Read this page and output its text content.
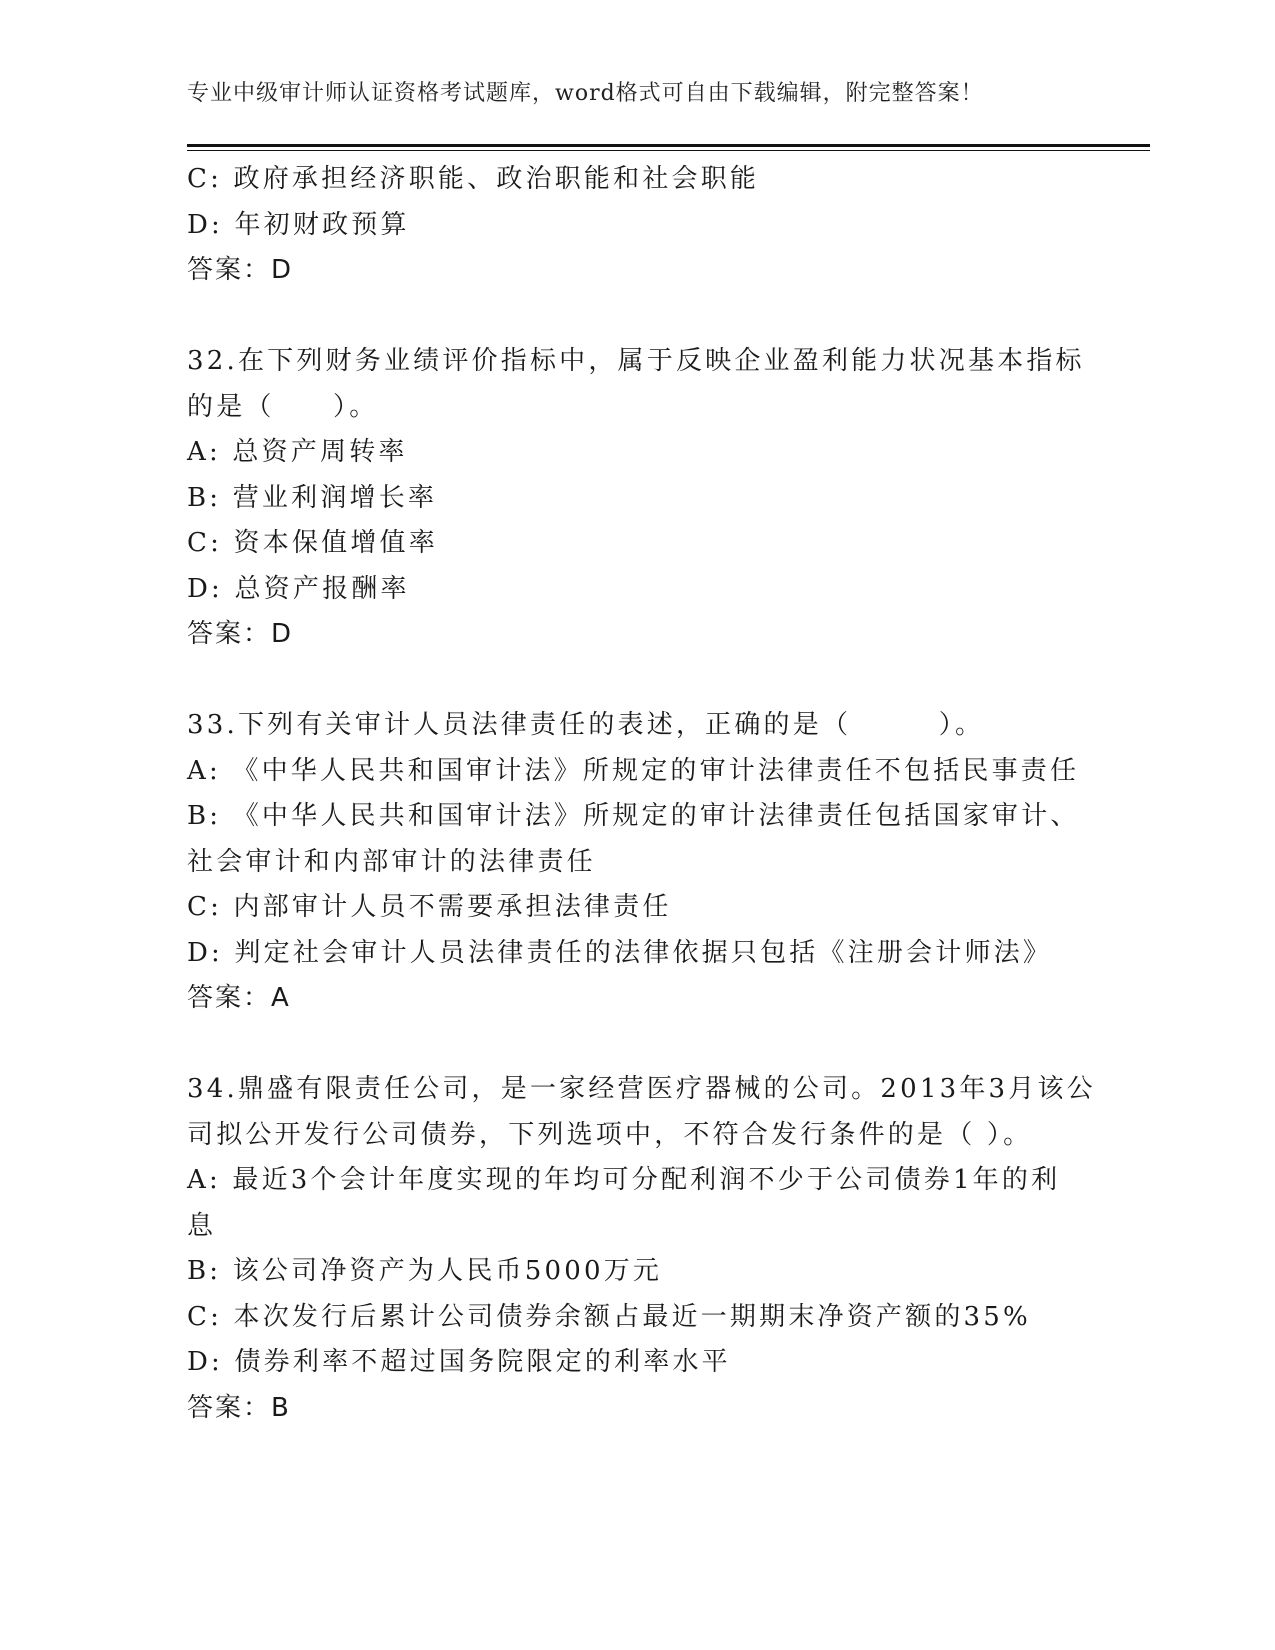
专业中级审计师认证资格考试题库，word格式可自由下载编辑，附完整答案！
C: 政府承担经济职能、政治职能和社会职能
D: 年初财政预算
答案：D
32.在下列财务业绩评价指标中，属于反映企业盈利能力状况基本指标
的是（　　）。
A: 总资产周转率
B: 营业利润增长率
C: 资本保值增值率
D: 总资产报酬率
答案：D
33.下列有关审计人员法律责任的表述，正确的是（　　　）。
A: 《中华人民共和国审计法》所规定的审计法律责任不包括民事责任
B: 《中华人民共和国审计法》所规定的审计法律责任包括国家审计、
社会审计和内部审计的法律责任
C: 内部审计人员不需要承担法律责任
D: 判定社会审计人员法律责任的法律依据只包括《注册会计师法》
答案：A
34.鼎盛有限责任公司，是一家经营医疗器械的公司。2013年3月该公
司拟公开发行公司债券，下列选项中，不符合发行条件的是（ ）。
A: 最近3个会计年度实现的年均可分配利润不少于公司债券1年的利
息
B: 该公司净资产为人民币5000万元
C: 本次发行后累计公司债券余额占最近一期期末净资产额的35%
D: 债券利率不超过国务院限定的利率水平
答案：B
